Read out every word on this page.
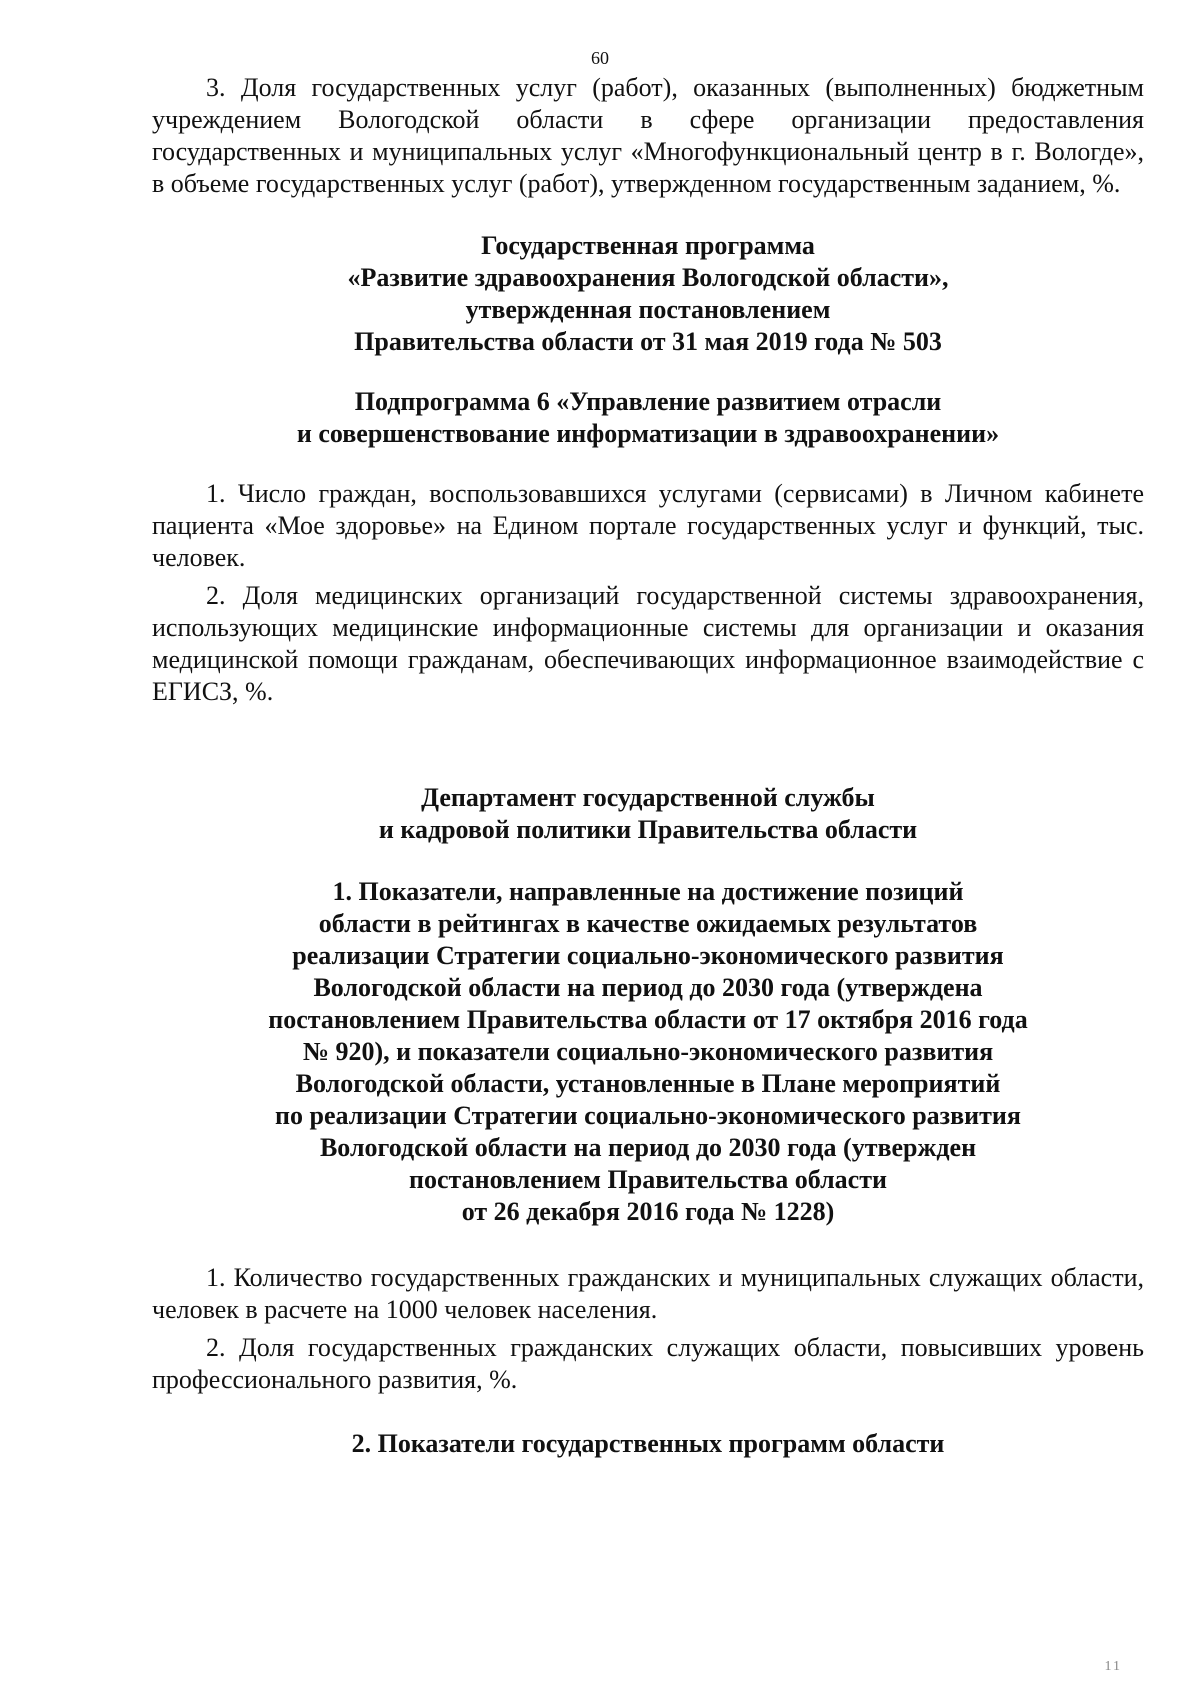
60

3. Доля государственных услуг (работ), оказанных (выполненных) бюджетным учреждением Вологодской области в сфере организации предоставления государственных и муниципальных услуг «Многофункциональный центр в г. Вологде», в объеме государственных услуг (работ), утвержденном государственным заданием, %.

Государственная программа
«Развитие здравоохранения Вологодской области»,
утвержденная постановлением
Правительства области от 31 мая 2019 года № 503
Подпрограмма 6 «Управление развитием отрасли
и совершенствование информатизации в здравоохранении»

1. Число граждан, воспользовавшихся услугами (сервисами) в Личном кабинете пациента «Мое здоровье» на Едином портале государственных услуг и функций, тыс. человек.

2. Доля медицинских организаций государственной системы здравоохранения, использующих медицинские информационные системы для организации и оказания медицинской помощи гражданам, обеспечивающих информационное взаимодействие с ЕГИСЗ, %.

Департамент государственной службы
и кадровой политики Правительства области
1. Показатели, направленные на достижение позиций
области в рейтингах в качестве ожидаемых результатов
реализации Стратегии социально-экономического развития
Вологодской области на период до 2030 года (утверждена
постановлением Правительства области от 17 октября 2016 года
№ 920), и показатели социально-экономического развития
Вологодской области, установленные в Плане мероприятий
по реализации Стратегии социально-экономического развития
Вологодской области на период до 2030 года (утвержден
постановлением Правительства области
от 26 декабря 2016 года № 1228)

1. Количество государственных гражданских и муниципальных служащих области, человек в расчете на 1000 человек населения.

2. Доля государственных гражданских служащих области, повысивших уровень профессионального развития, %.

2. Показатели государственных программ области
11
